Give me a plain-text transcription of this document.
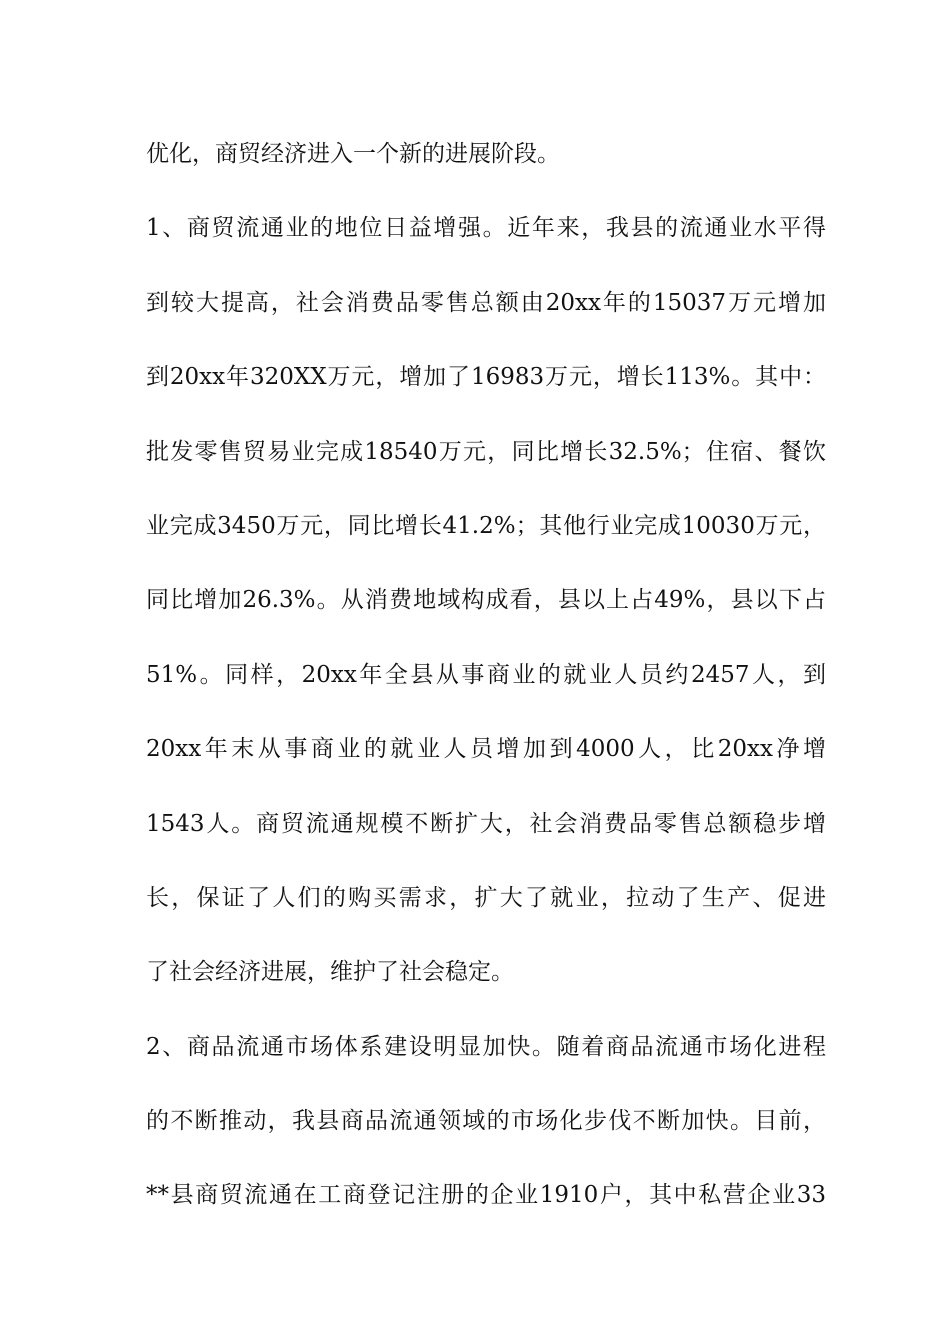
优化，商贸经济进入一个新的进展阶段。
1、商贸流通业的地位日益增强。近年来，我县的流通业水平得
到较大提高，社会消费品零售总额由20xx年的15037万元增加
到20xx年320XX万元，增加了16983万元，增长113%。其中：
批发零售贸易业完成18540万元，同比增长32.5%；住宿、餐饮
业完成3450万元，同比增长41.2%；其他行业完成10030万元，
同比增加26.3%。从消费地域构成看，县以上占49%，县以下占
51%。同样，20xx年全县从事商业的就业人员约2457人，到
20xx年末从事商业的就业人员增加到4000人，比20xx净增
1543人。商贸流通规模不断扩大，社会消费品零售总额稳步增
长，保证了人们的购买需求，扩大了就业，拉动了生产、促进
了社会经济进展，维护了社会稳定。
2、商品流通市场体系建设明显加快。随着商品流通市场化进程
的不断推动，我县商品流通领域的市场化步伐不断加快。目前，
**县商贸流通在工商登记注册的企业1910户，其中私营企业33
